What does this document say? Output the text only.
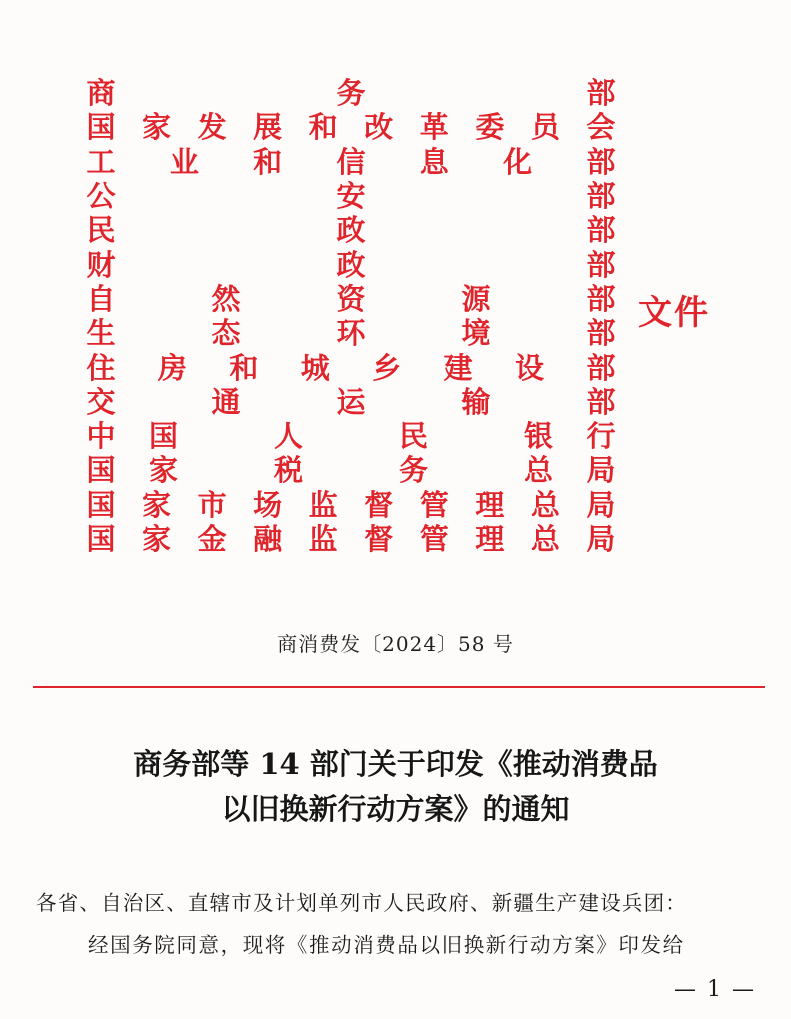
商	务	部
国 家 发 展 和 改 革 委 员 会
工 业 和 信 息 化 部
公	安	部
民	政	部
财	政	部
自	然	资	源	部
生	态	环	境	部
住 房 和 城 乡 建 设 部
交	通	运	输	部
中 国	人	民	银 行
国 家	税	务	总 局
国 家 市 场 监 督 管 理 总 局
国 家 金 融 监 督 管 理 总 局
文件
商消费发〔2024〕58 号
商务部等 14 部门关于印发《推动消费品
以旧换新行动方案》的通知
各省、自治区、直辖市及计划单列市人民政府、新疆生产建设兵团：
经国务院同意，现将《推动消费品以旧换新行动方案》印发给
— 1 —
